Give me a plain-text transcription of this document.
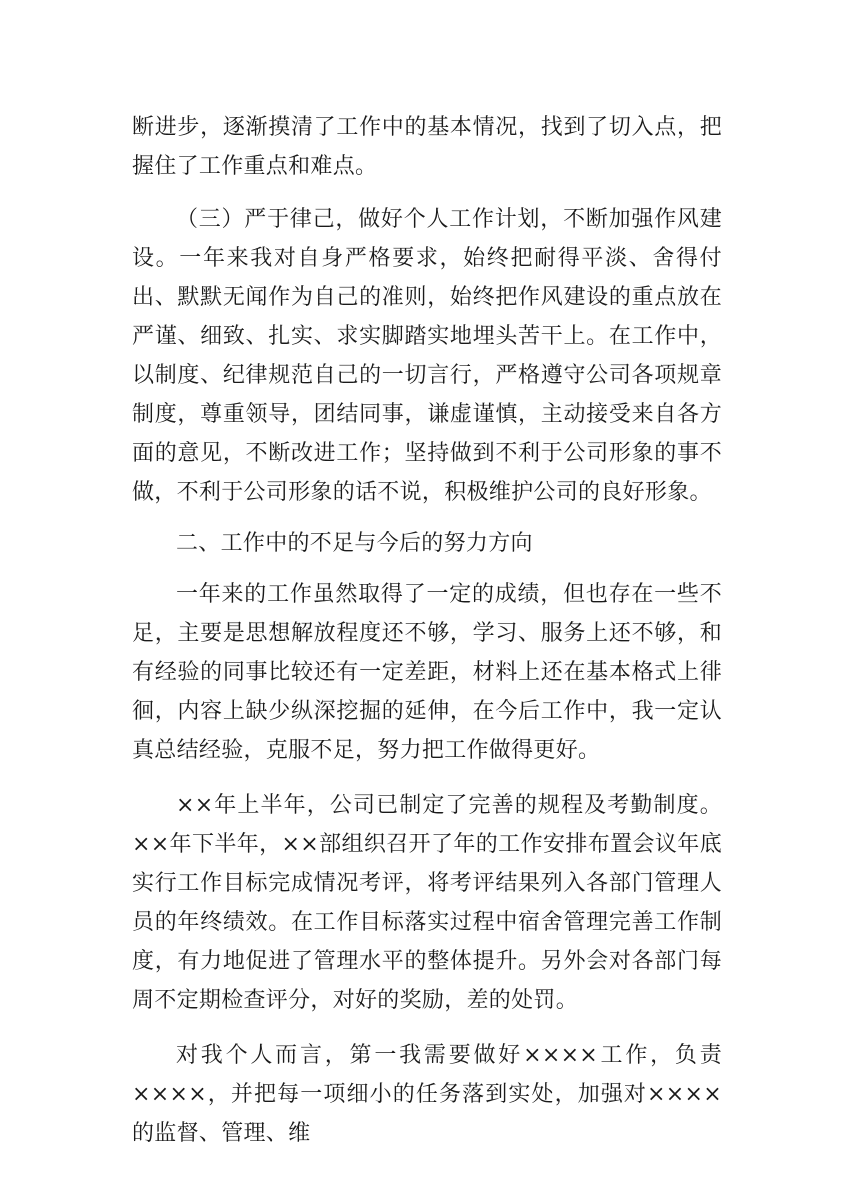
断进步，逐渐摸清了工作中的基本情况，找到了切入点，把握住了工作重点和难点。

（三）严于律己，做好个人工作计划，不断加强作风建设。一年来我对自身严格要求，始终把耐得平淡、舍得付出、默默无闻作为自己的准则，始终把作风建设的重点放在严谨、细致、扎实、求实脚踏实地埋头苦干上。在工作中，以制度、纪律规范自己的一切言行，严格遵守公司各项规章制度，尊重领导，团结同事，谦虚谨慎，主动接受来自各方面的意见，不断改进工作；坚持做到不利于公司形象的事不做，不利于公司形象的话不说，积极维护公司的良好形象。

二、工作中的不足与今后的努力方向

一年来的工作虽然取得了一定的成绩，但也存在一些不足，主要是思想解放程度还不够，学习、服务上还不够，和有经验的同事比较还有一定差距，材料上还在基本格式上徘徊，内容上缺少纵深挖掘的延伸，在今后工作中，我一定认真总结经验，克服不足，努力把工作做得更好。

××年上半年，公司已制定了完善的规程及考勤制度。××年下半年，××部组织召开了年的工作安排布置会议年底实行工作目标完成情况考评，将考评结果列入各部门管理人员的年终绩效。在工作目标落实过程中宿舍管理完善工作制度，有力地促进了管理水平的整体提升。另外会对各部门每周不定期检查评分，对好的奖励，差的处罚。

对我个人而言，第一我需要做好××××工作，负责××××，并把每一项细小的任务落到实处，加强对××××的监督、管理、维
